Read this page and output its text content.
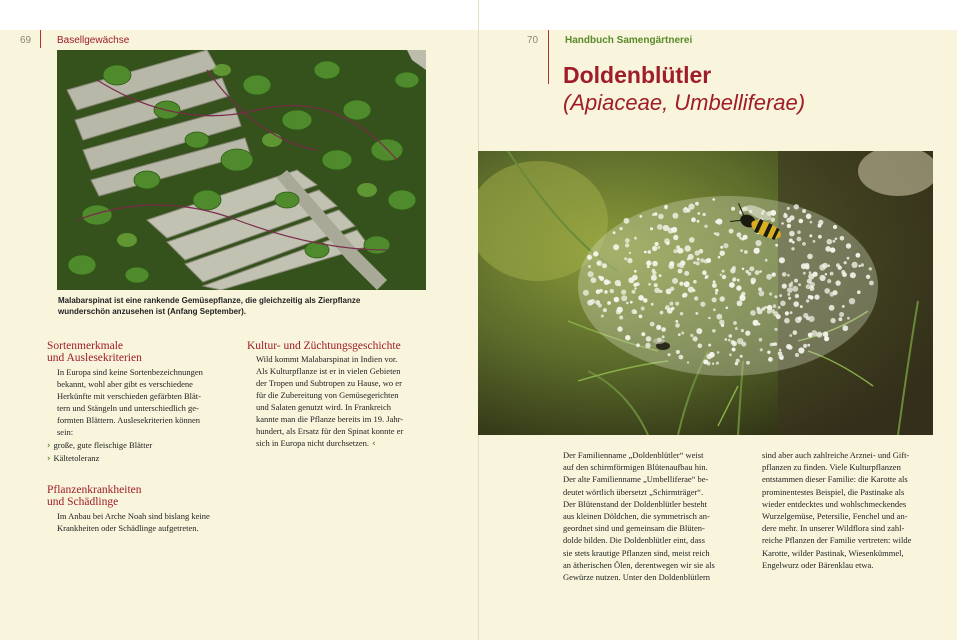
69	Basellgewächse	70	Handbuch Samengärtnerei
Malabarspinat ist eine rankende Gemüsepflanze, die gleichzeitig als Zierpflanze
wunderschön anzusehen ist (Anfang September).
Sortenmerkmale
und Auslesekriterien
In Europa sind keine Sortenbezeichnungen
bekannt, wohl aber gibt es verschiedene
Herkünfte mit verschieden gefärbten Blät-
tern und Stängeln und unterschiedlich ge-
formten Blättern. Auslesekriterien können
sein:
› große, gute fleischige Blätter
› Kältetoleranz
Pflanzenkrankheiten
und Schädlinge
Im Anbau bei Arche Noah sind bislang keine
Krankheiten oder Schädlinge aufgetreten.
Kultur- und Züchtungsgeschichte
Wild kommt Malabarspinat in Indien vor.
Als Kulturpflanze ist er in vielen Gebieten
der Tropen und Subtropen zu Hause, wo er
für die Zubereitung von Gemüsegerichten
und Salaten genutzt wird. In Frankreich
kannte man die Pflanze bereits im 19. Jahr-
hundert, als Ersatz für den Spinat konnte er
sich in Europa nicht durchsetzen. ‹
Doldenblütler
(Apiaceae, Umbelliferae)
Der Familienname „Doldenblütler“ weist
auf den schirmförmigen Blütenaufbau hin.
Der alte Familienname „Umbelliferae“ be-
deutet wörtlich übersetzt „Schirmträger“.
Der Blütenstand der Doldenblütler besteht
aus kleinen Döldchen, die symmetrisch an-
geordnet sind und gemeinsam die Blüten-
dolde bilden. Die Doldenblütler eint, dass
sie stets krautige Pflanzen sind, meist reich
an ätherischen Ölen, derentwegen wir sie als
Gewürze nutzen. Unter den Doldenblütlern
sind aber auch zahlreiche Arznei- und Gift-
pflanzen zu finden. Viele Kulturpflanzen
entstammen dieser Familie: die Karotte als
prominentestes Beispiel, die Pastinake als
wieder entdecktes und wohlschmeckendes
Wurzelgemüse, Petersilie, Fenchel und an-
dere mehr. In unserer Wildflora sind zahl-
reiche Pflanzen der Familie vertreten: wilde
Karotte, wilder Pastinak, Wiesenkümmel,
Engelwurz oder Bärenklau etwa.
